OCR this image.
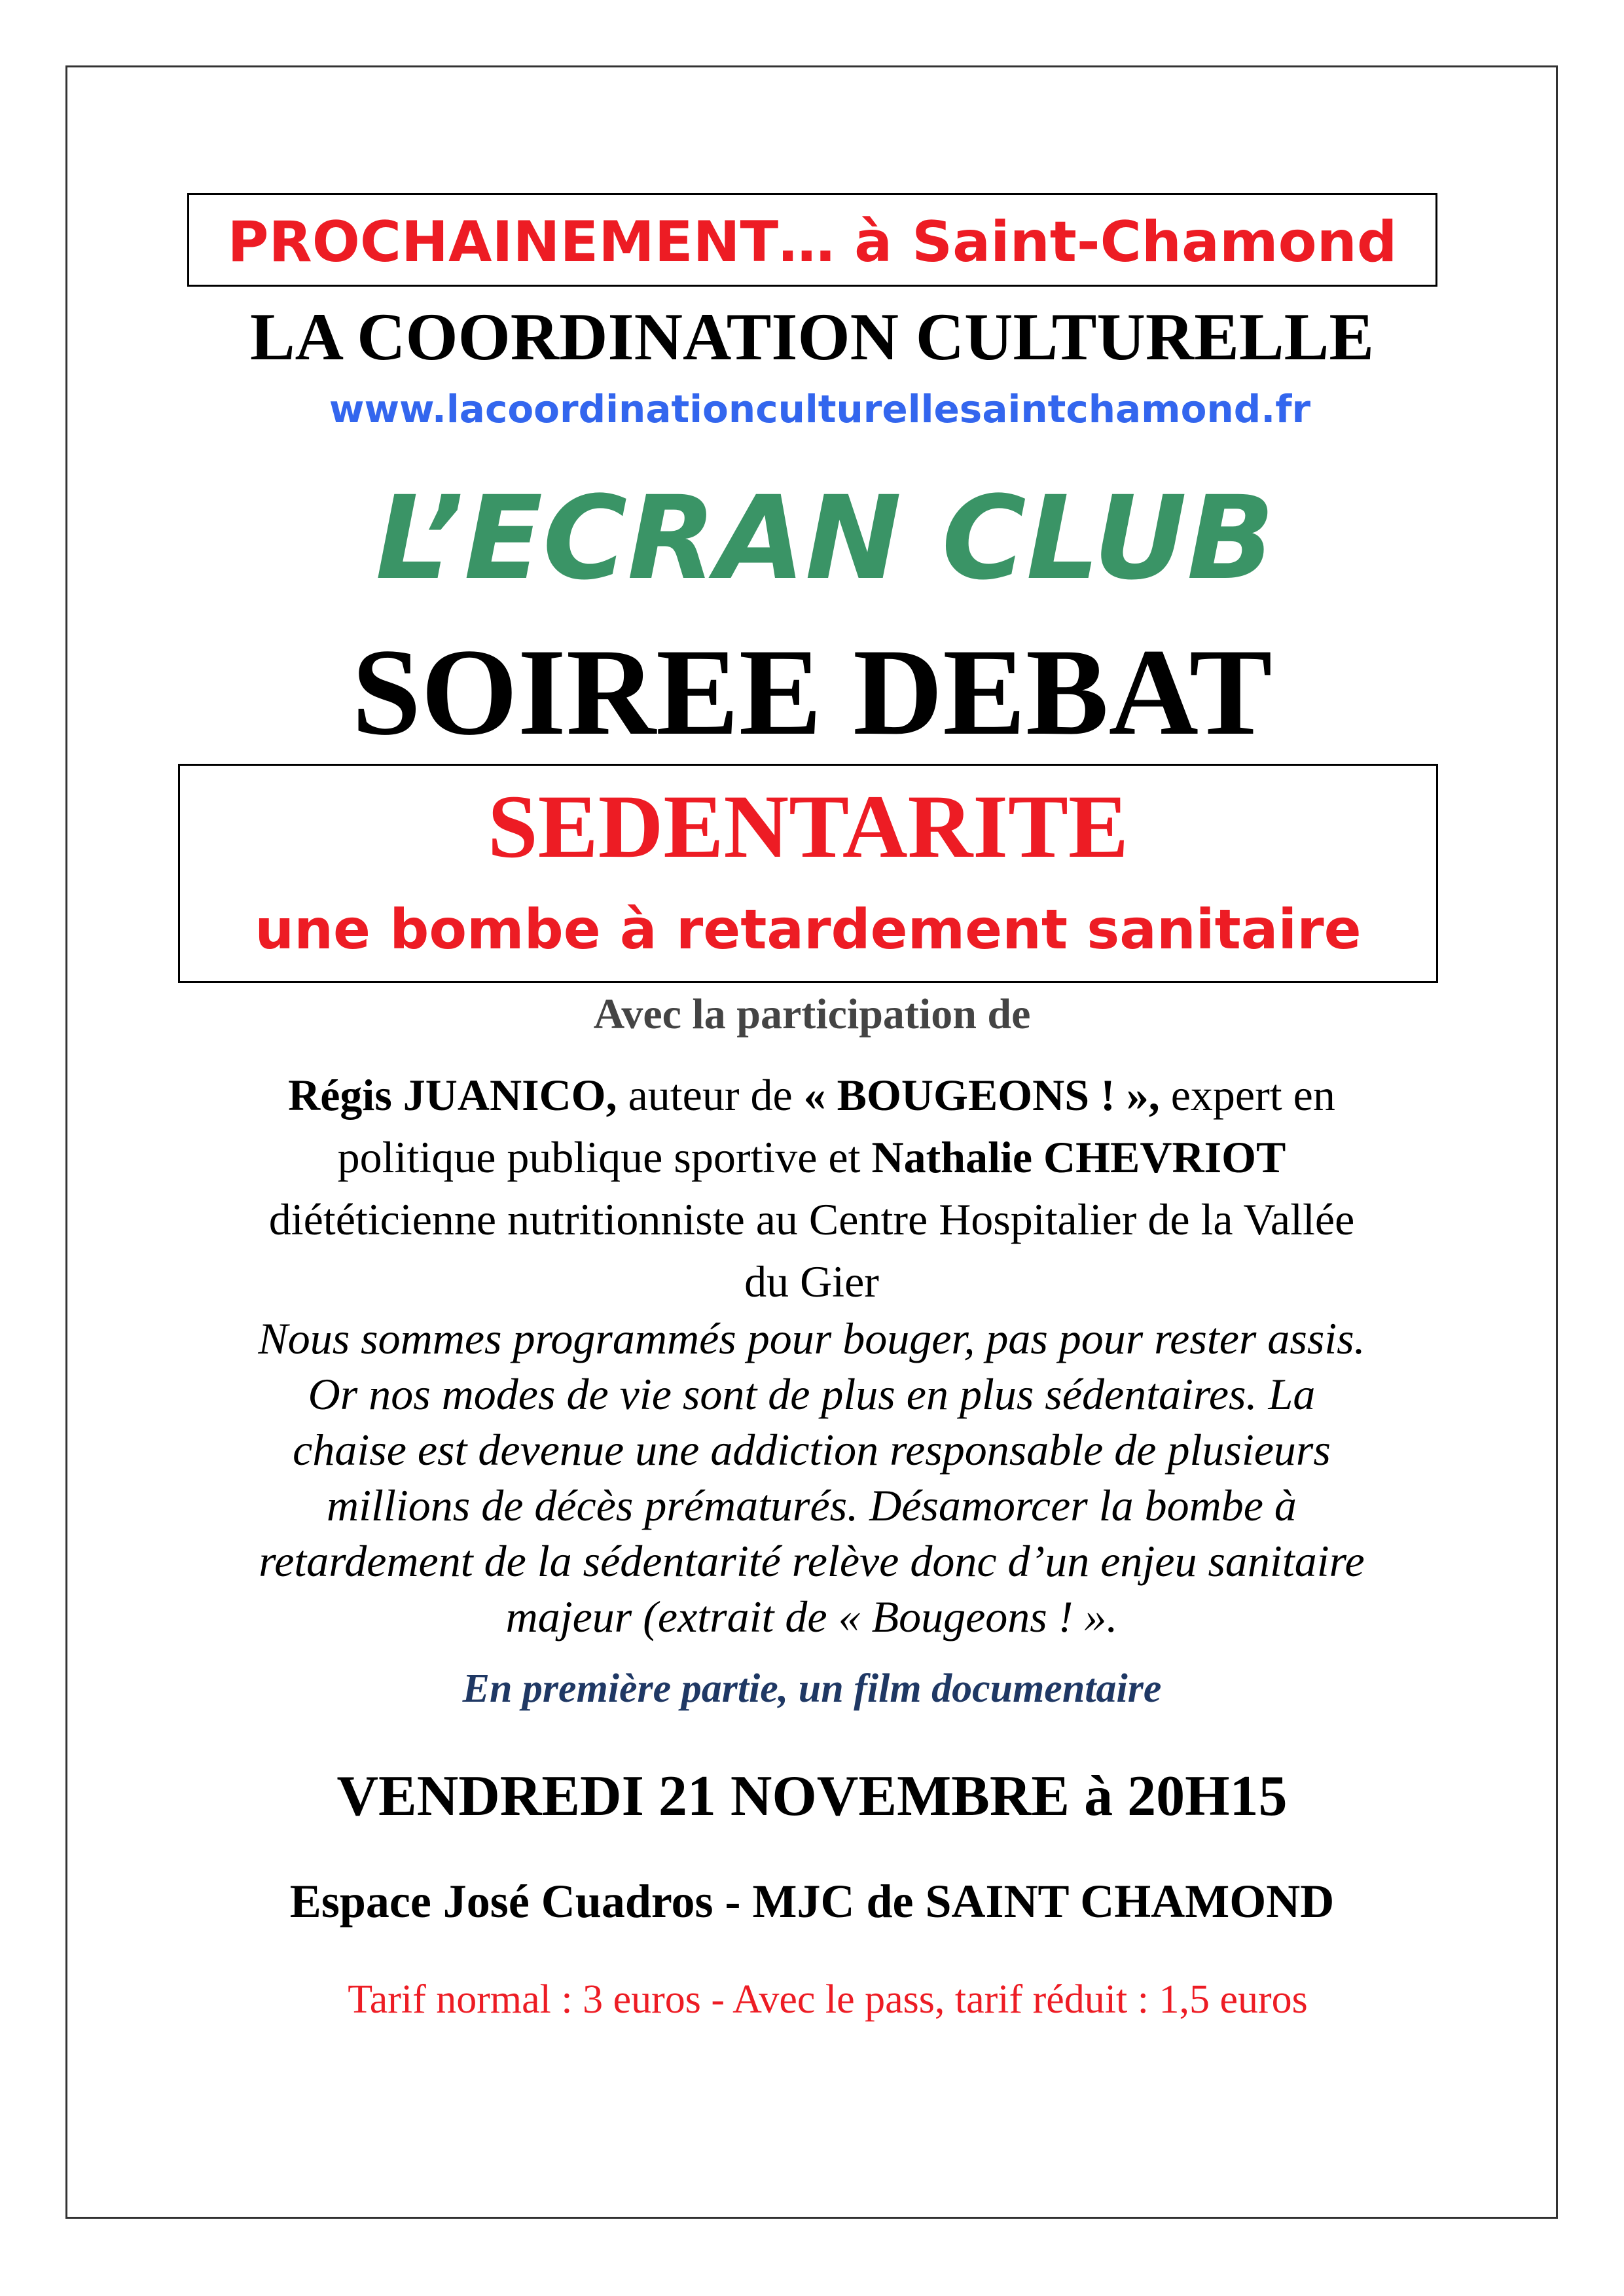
PROCHAINEMENT… à Saint-Chamond
LA COORDINATION CULTURELLE
www.lacoordinationculturellesaintchamond.fr
L’ECRAN CLUB
SOIREE DEBAT
SEDENTARITE
une bombe à retardement sanitaire
Avec la participation de

Régis JUANICO, auteur de « BOUGEONS ! », expert en

politique publique sportive et Nathalie CHEVRIOT

diététicienne nutritionniste au Centre Hospitalier de la Vallée

du Gier

Nous sommes programmés pour bouger, pas pour rester assis.

Or nos modes de vie sont de plus en plus sédentaires. La

chaise est devenue une addiction responsable de plusieurs

millions de décès prématurés. Désamorcer la bombe à

retardement de la sédentarité relève donc d’un enjeu sanitaire

majeur (extrait de « Bougeons ! ».

En première partie, un film documentaire
VENDREDI 21 NOVEMBRE à 20H15
Espace José Cuadros - MJC de SAINT CHAMOND
Tarif normal : 3 euros - Avec le pass, tarif réduit : 1,5 euros
